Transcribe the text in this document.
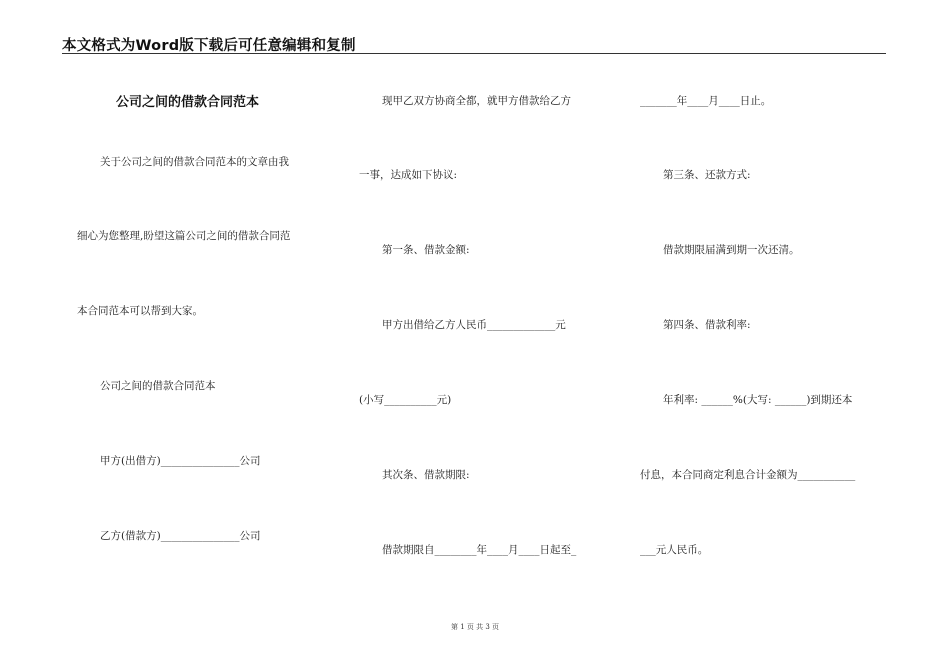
本文格式为Word版下载后可任意编辑和复制
公司之间的借款合同范本
关于公司之间的借款合同范本的文章由我
细心为您整理,盼望这篇公司之间的借款合同范
本合同范本可以帮到大家。
公司之间的借款合同范本
甲方(出借方)_______________公司
乙方(借款方)_______________公司
现甲乙双方协商全都，就甲方借款给乙方
一事，达成如下协议:
第一条、借款金额:
甲方出借给乙方人民币_____________元
(小写__________元)
其次条、借款期限:
借款期限自________年____月____日起至_
_______年____月____日止。
第三条、还款方式:
借款期限届满到期一次还清。
第四条、借款利率:
年利率: ______%(大写: ______)到期还本
付息，本合同商定利息合计金额为___________
___元人民币。
第 1 页 共 3 页
